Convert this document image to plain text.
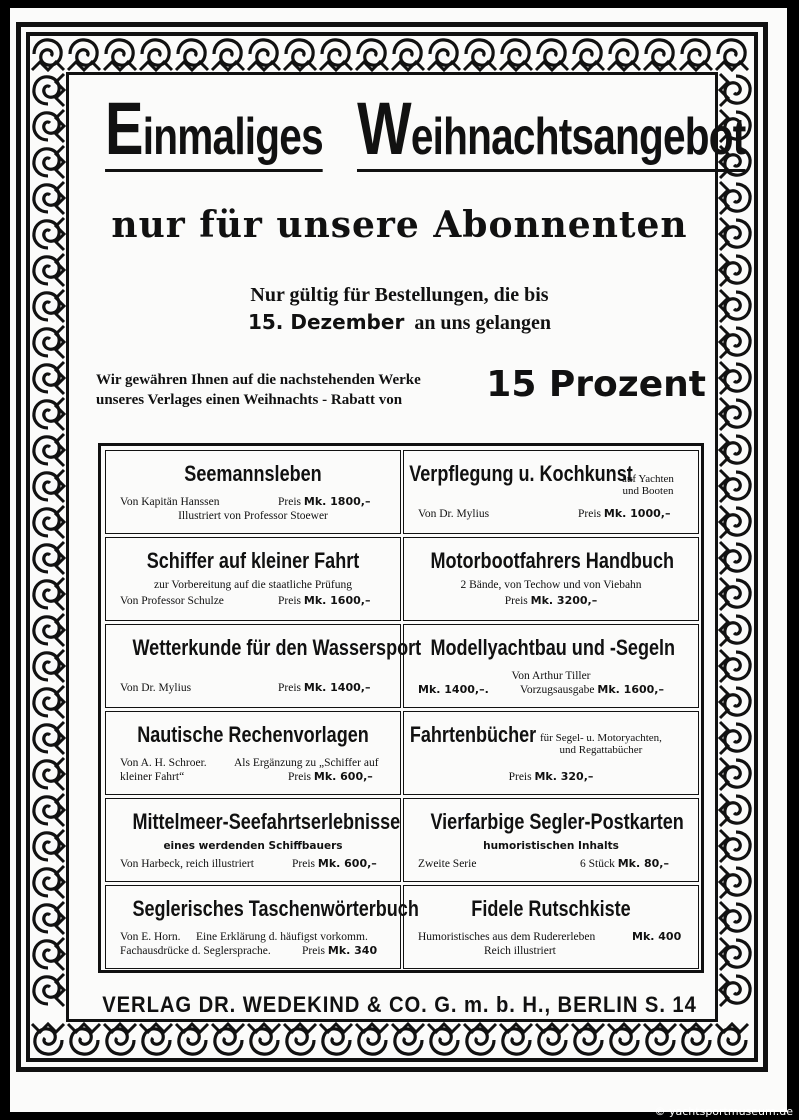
Einmaliges Weihnachtsangebot
nur für unsere Abonnenten
Nur gültig für Bestellungen, die bis
15. Dezember an uns gelangen
Wir gewähren Ihnen auf die nachstehenden Werke
unseres Verlages einen Weihnachts - Rabatt von	15 Prozent
Seemannsleben
Von Kapitän Hanssen	Preis Mk. 1800,–
Illustriert von Professor Stoewer
Verpflegung u. Kochkunst
auf Yachten
und Booten
Von Dr. Mylius	Preis Mk. 1000,–
Schiffer auf kleiner Fahrt
zur Vorbereitung auf die staatliche Prüfung
Von Professor Schulze	Preis Mk. 1600,–
Motorbootfahrers Handbuch
2 Bände, von Techow und von Viebahn
Preis Mk. 3200,–
Wetterkunde für den Wassersport
Von Dr. Mylius	Preis Mk. 1400,–
Modellyachtbau und -Segeln
Von Arthur Tiller
Mk. 1400,–.	Vorzugsausgabe Mk. 1600,–
Nautische Rechenvorlagen
Von A. H. Schroer. Als Ergänzung zu „Schiffer auf
kleiner Fahrt“	Preis Mk. 600,–
Fahrtenbücher für Segel- u. Motoryachten,
und Regattabücher
Preis Mk. 320,–
Mittelmeer-Seefahrtserlebnisse
eines werdenden Schiffbauers
Von Harbeck, reich illustriert	Preis Mk. 600,–
Vierfarbige Segler-Postkarten
humoristischen Inhalts
Zweite Serie	6 Stück Mk. 80,–
Seglerisches Taschenwörterbuch
Von E. Horn. Eine Erklärung d. häufigst vorkomm.
Fachausdrücke d. Seglersprache.	Preis Mk. 340
Fidele Rutschkiste
Humoristisches aus dem Rudererleben
Reich illustriert
Mk. 400
VERLAG DR. WEDEKIND & CO. G. m. b. H., BERLIN S. 14
© yachtsportmuseum.de
